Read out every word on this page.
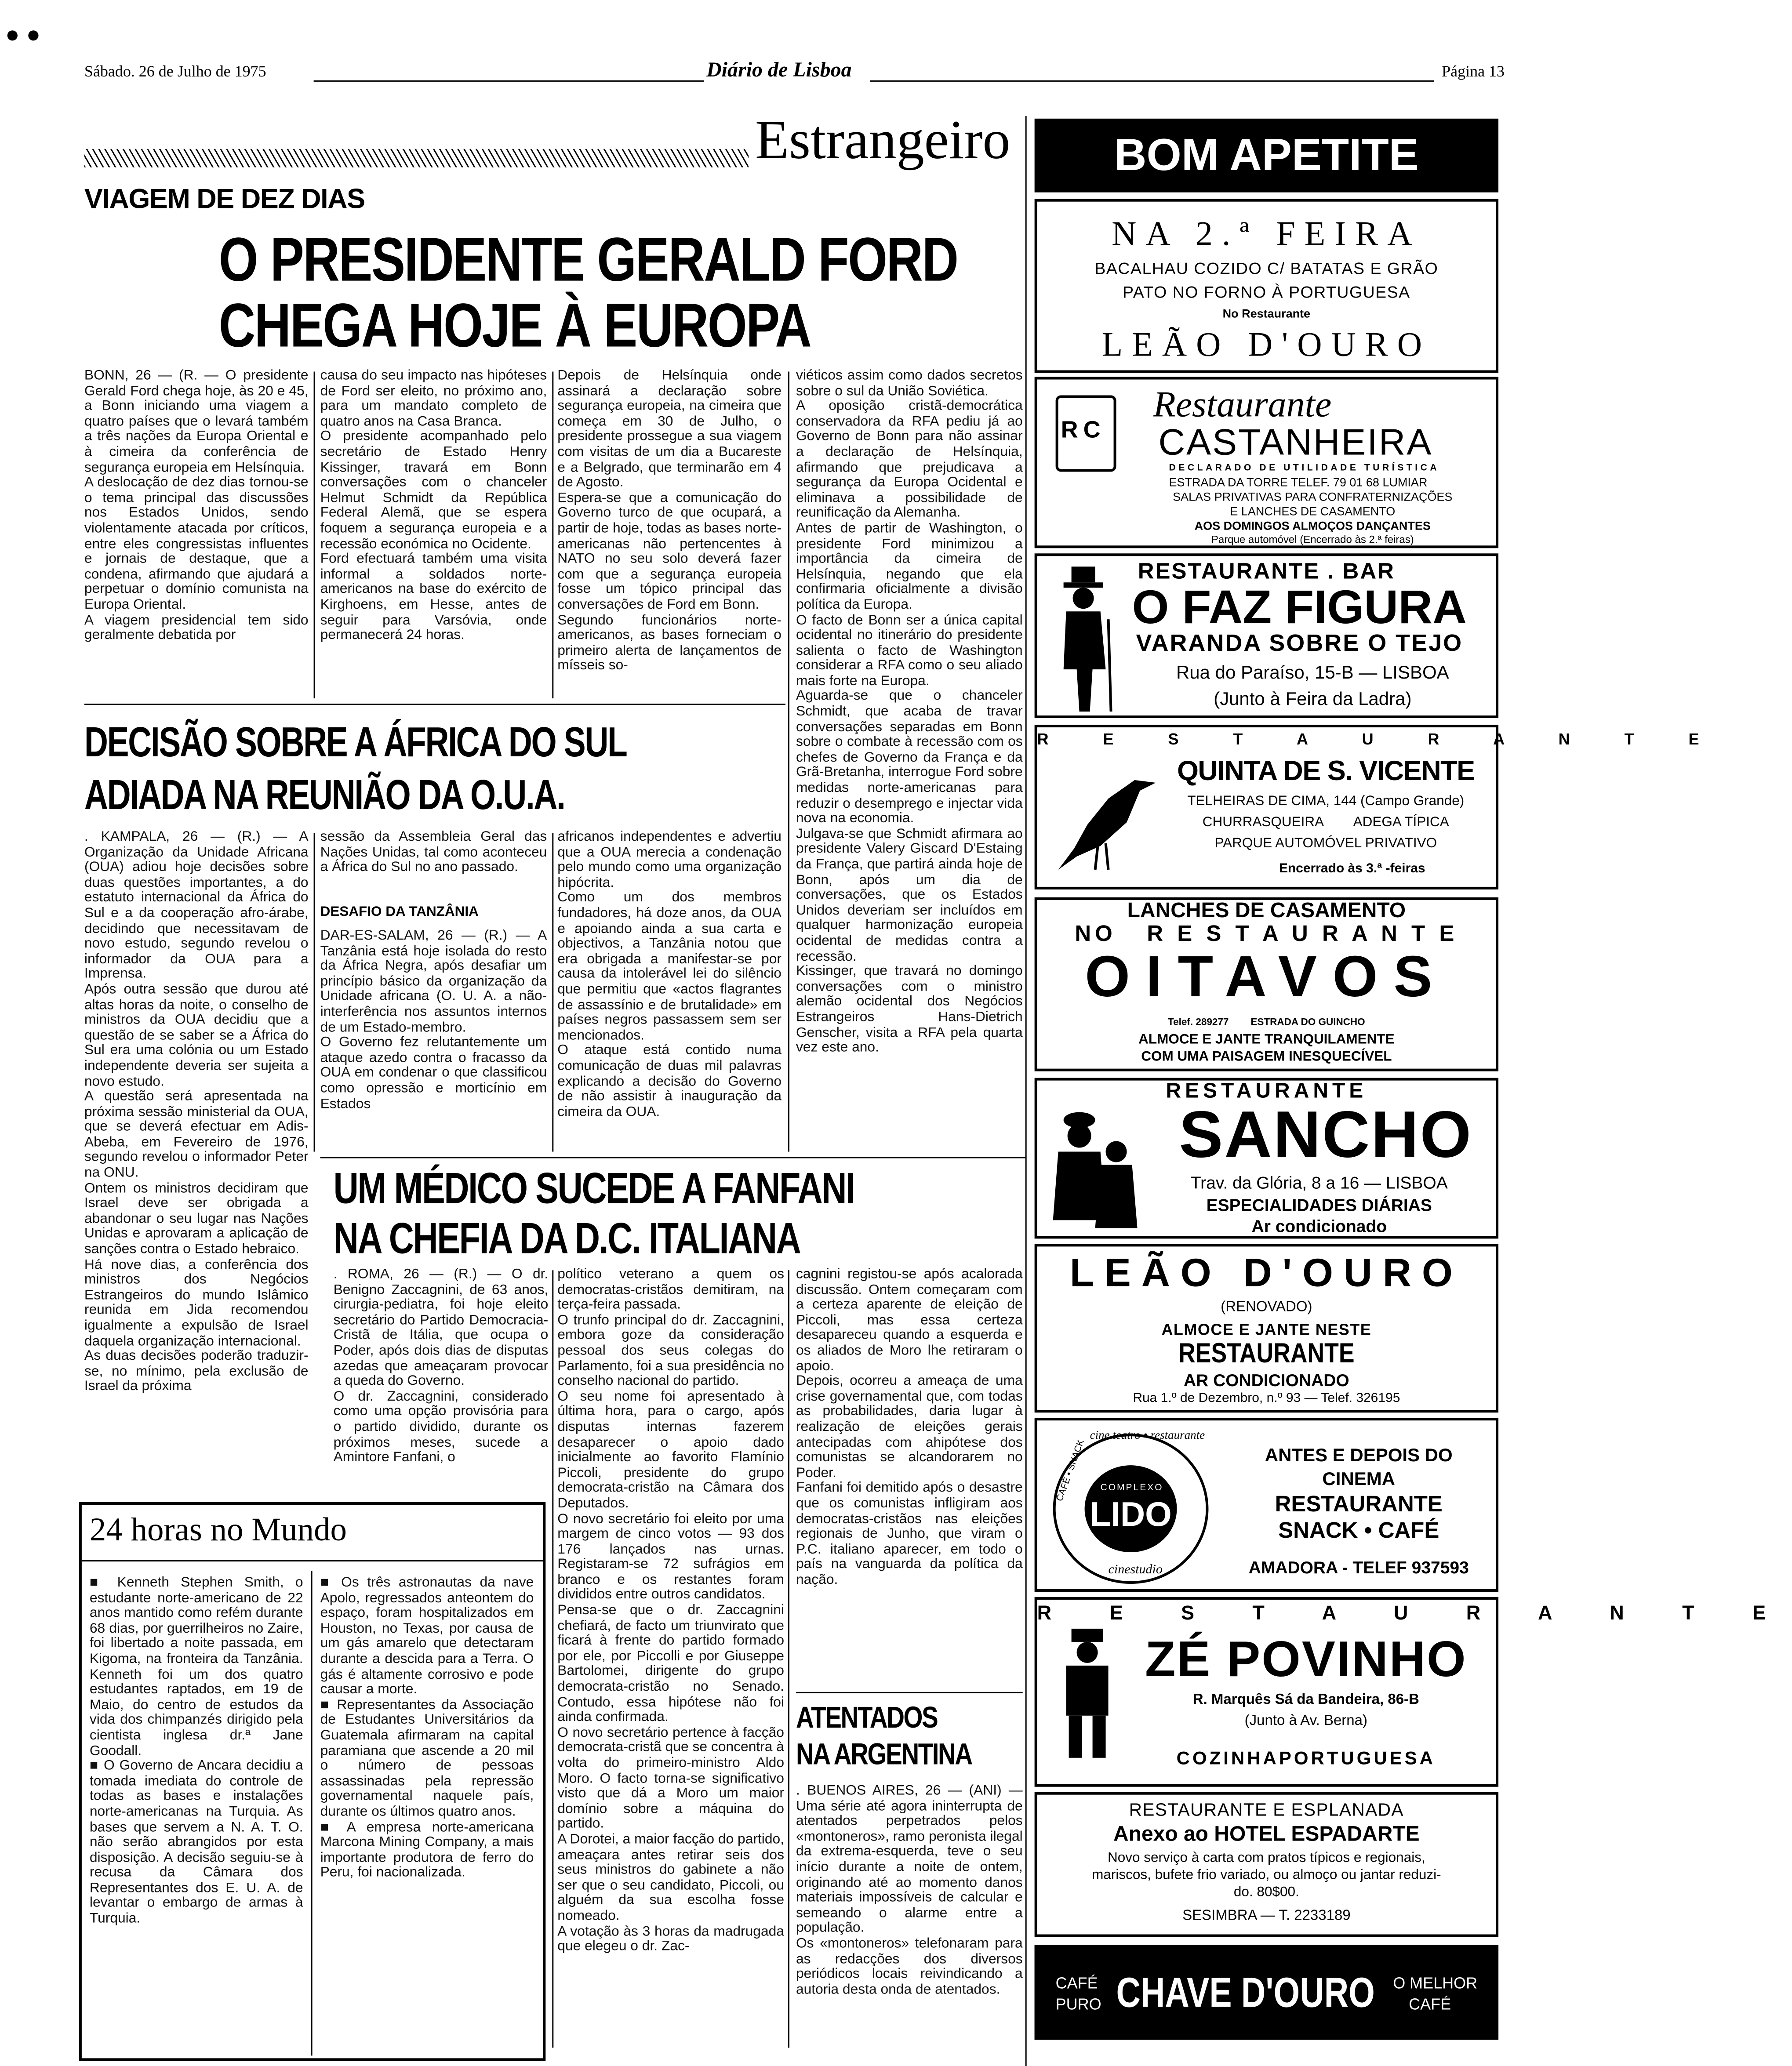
● ●
Sábado. 26 de Julho de 1975	Diário de Lisboa	Página 13
Estrangeiro
VIAGEM DE DEZ DIAS
O PRESIDENTE GERALD FORD
CHEGA HOJE À EUROPA
BONN, 26 — (R. — O presidente Gerald Ford chega hoje, às 20 e 45, a Bonn iniciando uma viagem a quatro países que o levará também a três nações da Europa Oriental e à cimeira da conferência de segurança europeia em Helsínquia.
A deslocação de dez dias tornou-se o tema principal das discussões nos Estados Unidos, sendo violentamente atacada por críticos, entre eles congressistas influentes e jornais de destaque, que a condena, afirmando que ajudará a perpetuar o domínio comunista na Europa Oriental.
A viagem presidencial tem sido geralmente debatida por
causa do seu impacto nas hipóteses de Ford ser eleito, no próximo ano, para um mandato completo de quatro anos na Casa Branca.
O presidente acompanhado pelo secretário de Estado Henry Kissinger, travará em Bonn conversações com o chanceler Helmut Schmidt da República Federal Alemã, que se espera foquem a segurança europeia e a recessão económica no Ocidente.
Ford efectuará também uma visita informal a soldados norte-americanos na base do exército de Kirghoens, em Hesse, antes de seguir para Varsóvia, onde permanecerá 24 horas.
Depois de Helsínquia onde assinará a declaração sobre segurança europeia, na cimeira que começa em 30 de Julho, o presidente prossegue a sua viagem com visitas de um dia a Bucareste e a Belgrado, que terminarão em 4 de Agosto.
Espera-se que a comunicação do Governo turco de que ocupará, a partir de hoje, todas as bases norte-americanas não pertencentes à NATO no seu solo deverá fazer com que a segurança europeia fosse um tópico principal das conversações de Ford em Bonn.
Segundo funcionários norte-americanos, as bases forneciam o primeiro alerta de lançamentos de mísseis so-
viéticos assim como dados secretos sobre o sul da União Soviética.
A oposição cristã-democrática conservadora da RFA pediu já ao Governo de Bonn para não assinar a declaração de Helsínquia, afirmando que prejudicava a segurança da Europa Ocidental e eliminava a possibilidade de reunificação da Alemanha.
Antes de partir de Washington, o presidente Ford minimizou a importância da cimeira de Helsínquia, negando que ela confirmaria oficialmente a divisão política da Europa.
O facto de Bonn ser a única capital ocidental no itinerário do presidente salienta o facto de Washington considerar a RFA como o seu aliado mais forte na Europa.
Aguarda-se que o chanceler Schmidt, que acaba de travar conversações separadas em Bonn sobre o combate à recessão com os chefes de Governo da França e da Grã-Bretanha, interrogue Ford sobre medidas norte-americanas para reduzir o desemprego e injectar vida nova na economia.
Julgava-se que Schmidt afirmara ao presidente Valery Giscard D'Estaing da França, que partirá ainda hoje de Bonn, após um dia de conversações, que os Estados Unidos deveriam ser incluídos em qualquer harmonização europeia ocidental de medidas contra a recessão.
Kissinger, que travará no domingo conversações com o ministro alemão ocidental dos Negócios Estrangeiros Hans-Dietrich Genscher, visita a RFA pela quarta vez este ano.
DECISÃO SOBRE A ÁFRICA DO SUL
ADIADA NA REUNIÃO DA O.U.A.
. KAMPALA, 26 — (R.) — A Organização da Unidade Africana (OUA) adiou hoje decisões sobre duas questões importantes, a do estatuto internacional da África do Sul e a da cooperação afro-árabe, decidindo que necessitavam de novo estudo, segundo revelou o informador da OUA para a Imprensa.
Após outra sessão que durou até altas horas da noite, o conselho de ministros da OUA decidiu que a questão de se saber se a África do Sul era uma colónia ou um Estado independente deveria ser sujeita a novo estudo.
A questão será apresentada na próxima sessão ministerial da OUA, que se deverá efectuar em Adis-Abeba, em Fevereiro de 1976, segundo revelou o informador Peter na ONU.
Ontem os ministros decidiram que Israel deve ser obrigada a abandonar o seu lugar nas Nações Unidas e aprovaram a aplicação de sanções contra o Estado hebraico.
Há nove dias, a conferência dos ministros dos Negócios Estrangeiros do mundo Islâmico reunida em Jida recomendou igualmente a expulsão de Israel daquela organização internacional.
As duas decisões poderão traduzir-se, no mínimo, pela exclusão de Israel da próxima
sessão da Assembleia Geral das Nações Unidas, tal como aconteceu a África do Sul no ano passado.
DESAFIO DA TANZÂNIA
DAR-ES-SALAM, 26 — (R.) — A Tanzânia está hoje isolada do resto da África Negra, após desafiar um princípio básico da organização da Unidade africana (O. U. A. a não-interferência nos assuntos internos de um Estado-membro.
O Governo fez relutantemente um ataque azedo contra o fracasso da OUA em condenar o que classificou como opressão e morticínio em Estados
africanos independentes e advertiu que a OUA merecia a condenação pelo mundo como uma organização hipócrita.
Como um dos membros fundadores, há doze anos, da OUA e apoiando ainda a sua carta e objectivos, a Tanzânia notou que era obrigada a manifestar-se por causa da intolerável lei do silêncio que permitiu que «actos flagrantes de assassínio e de brutalidade» em países negros passassem sem ser mencionados.
O ataque está contido numa comunicação de duas mil palavras explicando a decisão do Governo de não assistir à inauguração da cimeira da OUA.
UM MÉDICO SUCEDE A FANFANI
NA CHEFIA DA D.C. ITALIANA
. ROMA, 26 — (R.) — O dr. Benigno Zaccagnini, de 63 anos, cirurgia-pediatra, foi hoje eleito secretário do Partido Democracia-Cristã de Itália, que ocupa o Poder, após dois dias de disputas azedas que ameaçaram provocar a queda do Governo.
O dr. Zaccagnini, considerado como uma opção provisória para o partido dividido, durante os próximos meses, sucede a Amintore Fanfani, o
político veterano a quem os democratas-cristãos demitiram, na terça-feira passada.
O trunfo principal do dr. Zaccagnini, embora goze da consideração pessoal dos seus colegas do Parlamento, foi a sua presidência no conselho nacional do partido.
O seu nome foi apresentado à última hora, para o cargo, após disputas internas fazerem desaparecer o apoio dado inicialmente ao favorito Flamínio Piccoli, presidente do grupo democrata-cristão na Câmara dos Deputados.
O novo secretário foi eleito por uma margem de cinco votos — 93 dos 176 lançados nas urnas. Registaram-se 72 sufrágios em branco e os restantes foram divididos entre outros candidatos.
Pensa-se que o dr. Zaccagnini chefiará, de facto um triunvirato que ficará à frente do partido formado por ele, por Piccolli e por Giuseppe Bartolomei, dirigente do grupo democrata-cristão no Senado. Contudo, essa hipótese não foi ainda confirmada.
O novo secretário pertence à facção democrata-cristã que se concentra à volta do primeiro-ministro Aldo Moro. O facto torna-se significativo visto que dá a Moro um maior domínio sobre a máquina do partido.
A Dorotei, a maior facção do partido, ameaçara antes retirar seis dos seus ministros do gabinete a não ser que o seu candidato, Piccoli, ou alguém da sua escolha fosse nomeado.
A votação às 3 horas da madrugada que elegeu o dr. Zac-
cagnini registou-se após acalorada discussão. Ontem começaram com a certeza aparente de eleição de Piccoli, mas essa certeza desapareceu quando a esquerda e os aliados de Moro lhe retiraram o apoio.
Depois, ocorreu a ameaça de uma crise governamental que, com todas as probabilidades, daria lugar à realização de eleições gerais antecipadas com ahipótese dos comunistas se alcandorarem no Poder.
Fanfani foi demitido após o desastre que os comunistas infligiram aos democratas-cristãos nas eleições regionais de Junho, que viram o P.C. italiano aparecer, em todo o país na vanguarda da política da nação.
ATENTADOS
NA ARGENTINA
. BUENOS AIRES, 26 — (ANI) — Uma série até agora ininterrupta de atentados perpetrados pelos «montoneros», ramo peronista ilegal da extrema-esquerda, teve o seu início durante a noite de ontem, originando até ao momento danos materiais impossíveis de calcular e semeando o alarme entre a população.
Os «montoneros» telefonaram para as redacções dos diversos periódicos locais reivindicando a autoria desta onda de atentados.
24 horas no Mundo
■ Kenneth Stephen Smith, o estudante norte-americano de 22 anos mantido como refém durante 68 dias, por guerrilheiros no Zaire, foi libertado a noite passada, em Kigoma, na fronteira da Tanzânia. Kenneth foi um dos quatro estudantes raptados, em 19 de Maio, do centro de estudos da vida dos chimpanzés dirigido pela cientista inglesa dr.ª Jane Goodall.
■ O Governo de Ancara decidiu a tomada imediata do controle de todas as bases e instalações norte-americanas na Turquia. As bases que servem a N. A. T. O. não serão abrangidos por esta disposição. A decisão seguiu-se à recusa da Câmara dos Representantes dos E. U. A. de levantar o embargo de armas à Turquia.
■ Os três astronautas da nave Apolo, regressados anteontem do espaço, foram hospitalizados em Houston, no Texas, por causa de um gás amarelo que detectaram durante a descida para a Terra. O gás é altamente corrosivo e pode causar a morte.
■ Representantes da Associação de Estudantes Universitários da Guatemala afirmaram na capital paramiana que ascende a 20 mil o número de pessoas assassinadas pela repressão governamental naquele país, durante os últimos quatro anos.
■ A empresa norte-americana Marcona Mining Company, a mais importante produtora de ferro do Peru, foi nacionalizada.
BOM APETITE
NA 2.ª FEIRA
BACALHAU COZIDO C/ BATATAS E GRÃO
PATO NO FORNO À PORTUGUESA
No Restaurante
LEÃO D'OURO
RC
Restaurante
CASTANHEIRA
DECLARADO DE UTILIDADE TURÍSTICA
ESTRADA DA TORRE TELEF. 79 01 68 LUMIAR
SALAS PRIVATIVAS PARA CONFRATERNIZAÇÕES
E LANCHES DE CASAMENTO
AOS DOMINGOS ALMOÇOS DANÇANTES
Parque automóvel (Encerrado às 2.ª feiras)
RESTAURANTE . BAR
O FAZ FIGURA
VARANDA SOBRE O TEJO
Rua do Paraíso, 15-B — LISBOA
(Junto à Feira da Ladra)
R E S T A U R A N T E
QUINTA DE S. VICENTE
TELHEIRAS DE CIMA, 144 (Campo Grande)
CHURRASQUEIRA        ADEGA TÍPICA
PARQUE AUTOMÓVEL PRIVATIVO
Encerrado às 3.ª -feiras
LANCHES DE CASAMENTO
NO   R E S T A U R A N T E
OITAVOS
Telef. 289277        ESTRADA DO GUINCHO
ALMOCE E JANTE TRANQUILAMENTE
COM UMA PAISAGEM INESQUECÍVEL
RESTAURANTE
SANCHO
Trav. da Glória, 8 a 16 — LISBOA
ESPECIALIDADES DIÁRIAS
Ar condicionado
LEÃO D'OURO
(RENOVADO)
ALMOCE E JANTE NESTE
RESTAURANTE
AR CONDICIONADO
Rua 1.º de Dezembro, n.º 93 — Telef. 326195
COMPLEXO
LIDO
cine teatro • restaurante
CAFÉ • SNACK
cinestudio
ANTES E DEPOIS DO
CINEMA
RESTAURANTE
SNACK • CAFÉ
AMADORA - TELEF 937593
R E S T A U R A N T E
ZÉ POVINHO
R. Marquês Sá da Bandeira, 86-B
(Junto à Av. Berna)
COZINHAPORTUGUESA
RESTAURANTE E ESPLANADA
Anexo ao HOTEL ESPADARTE
Novo serviço à carta com pratos típicos e regionais,
mariscos, bufete frio variado, ou almoço ou jantar reduzi-
do. 80$00.
SESIMBRA — T. 2233189
CAFÉ
PURO CHAVE D'OURO	O MELHOR
CAFÉ
